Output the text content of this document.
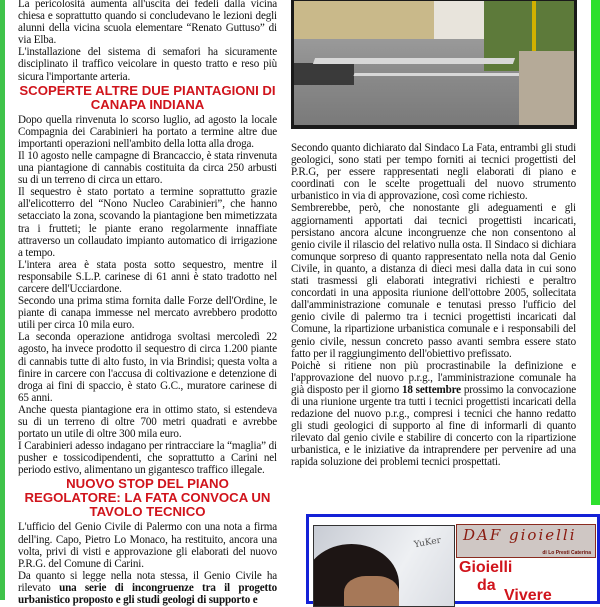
La pericolosità aumenta all'uscita dei fedeli dalla vicina chiesa e soprattutto quando si concludevano le lezioni degli alunni della vicina scuola elementare “Renato Guttuso” di via Elba.

L'installazione del sistema di semafori ha sicuramente disciplinato il traffico veicolare in questo tratto e reso più sicura l'importante arteria.

SCOPERTE ALTRE DUE PIANTAGIONI DI CANAPA INDIANA

Dopo quella rinvenuta lo scorso luglio, ad agosto la locale Compagnia dei Carabinieri ha portato a termine altre due importanti operazioni nell'ambito della lotta alla droga.

Il 10 agosto nelle campagne di Brancaccio, è stata rinvenuta una piantagione di cannabis costituita da circa 250 arbusti su di un terreno di circa un ettaro.

Il sequestro è stato portato a termine soprattutto grazie all'elicotterro del “Nono Nucleo Carabinieri”, che hanno setacciato la zona, scovando la piantagione ben mimetizzata tra i frutteti; le piante erano regolarmente innaffiate attraverso un collaudato impianto automatico di irrigazione a tempo.

L'intera area è stata posta sotto sequestro, mentre il responsabile S.L.P. carinese di 61 anni è stato tradotto nel carcere dell'Ucciardone.

Secondo una prima stima fornita dalle Forze dell'Ordine, le piante di canapa immesse nel mercato avrebbero prodotto utili per circa 10 mila euro.

La seconda operazione antidroga svoltasi mercoledì 22 agosto, ha invece prodotto il sequestro di circa 1.200 piante di cannabis tutte di alto fusto, in via Brindisi; questa volta a finire in carcere con l'accusa di coltivazione e detenzione di droga ai fini di spaccio, è stato G.C., muratore carinese di 65 anni.

Anche questa piantagione era in ottimo stato, si estendeva su di un terreno di oltre 700 metri quadrati e avrebbe portato un utile di oltre 300 mila euro.

I Carabinieri adesso indagano per rintracciare la “maglia” di pusher e tossicodipendenti, che soprattutto a Carini nel periodo estivo, alimentano un gigantesco traffico illegale.

NUOVO STOP DEL PIANO REGOLATORE: LA FATA CONVOCA UN TAVOLO TECNICO

L'ufficio del Genio Civile di Palermo con una nota a firma dell'ing. Capo, Pietro Lo Monaco, ha restituito, ancora una volta, privi di visti e approvazione gli elaborati del nuovo P.R.G. del Comune di Carini.

Da quanto si legge nella nota stessa, il Genio Civile ha rilevato una serie di incongruenze tra il progetto urbanistico proposto e gli studi geologi di supporto e

Secondo quanto dichiarato dal Sindaco La Fata, entrambi gli studi geologici, sono stati per tempo forniti ai tecnici progettisti del P.R.G, per essere rappresentati negli elaborati di piano e coordinati con le scelte progettuali del nuovo strumento urbanistico in via di approvazione, così come richiesto.

Sembrerebbe, però, che nonostante gli adeguamenti e gli aggiornamenti apportati dai tecnici progettisti incaricati, persistano ancora alcune incongruenze che non consentono al genio civile il rilascio del relativo nulla osta. Il Sindaco si dichiara comunque sorpreso di quanto rappresentato nella nota dal Genio Civile, in quanto, a distanza di dieci mesi dalla data in cui sono stati trasmessi gli elaborati integrativi richiesti e peraltro concordati in una apposita riunione dell'ottobre 2005, sollecitata dall'amministrazione comunale e tenutasi presso l'ufficio del genio civile di palermo tra i tecnici progettisti incaricati dal Comune, la ripartizione urbanistica comunale e i responsabili del genio civile, nessun concreto passo avanti sembra essere stato fatto per il raggiungimento dell'obiettivo prefissato.

Poichè si ritiene non più procrastinabile la definizione e l'approvazione del nuovo p.r.g., l'amministrazione comunale ha già disposto per il giorno 18 settembre prossimo la convocazione di una riunione urgente tra tutti i tecnici progettisti incaricati della redazione del nuovo p.r.g., compresi i tecnici che hanno redatto gli studi geologici di supporto al fine di informarli di quanto rilevato dal genio civile e stabilire di concerto con la ripartizione urbanistica, e le iniziative da intraprendere per pervenire ad una rapida soluzione dei problemi tecnici prospettati.

YuKer DAF gioielli
di Lo Presti Caterina
Gioielli
da
Vivere
